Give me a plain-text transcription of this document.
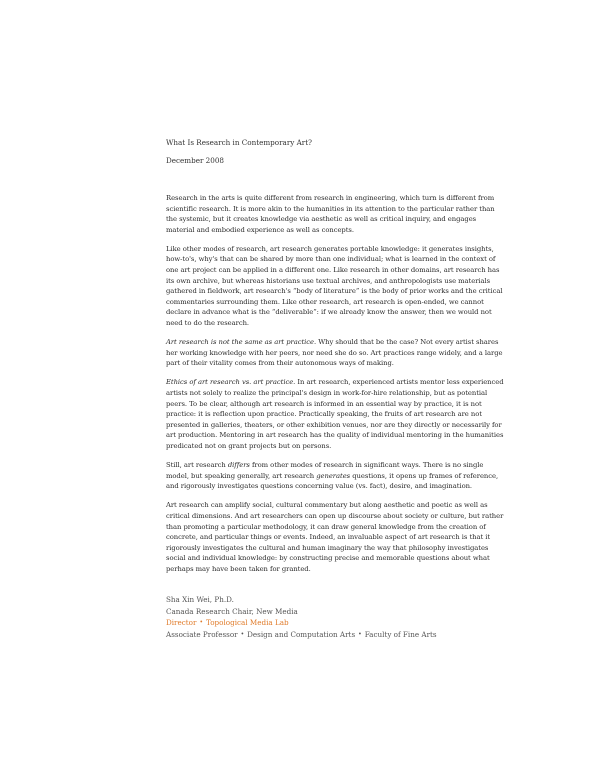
What Is Research in Contemporary Art?
December 2008

Research in the arts is quite different from research in engineering, which turn is different from scientific research. It is more akin to the humanities in its attention to the particular rather than the systemic, but it creates knowledge via aesthetic as well as critical inquiry, and engages material and embodied experience as well as concepts.

Like other modes of research, art research generates portable knowledge: it generates insights, how-to's, why's that can be shared by more than one individual; what is learned in the context of one art project can be applied in a different one. Like research in other domains, art research has its own archive, but whereas historians use textual archives, and anthropologists use materials gathered in fieldwork, art research's “body of literature” is the body of prior works and the critical commentaries surrounding them. Like other research, art research is open-ended, we cannot declare in advance what is the “deliverable”: if we already know the answer, then we would not need to do the research.

Art research is not the same as art practice. Why should that be the case? Not every artist shares her working knowledge with her peers, nor need she do so. Art practices range widely, and a large part of their vitality comes from their autonomous ways of making.

Ethics of art research vs. art practice. In art research, experienced artists mentor less experienced artists not solely to realize the principal's design in work-for-hire relationship, but as potential peers. To be clear, although art research is informed in an essential way by practice, it is not practice: it is reflection upon practice. Practically speaking, the fruits of art research are not presented in galleries, theaters, or other exhibition venues, nor are they directly or necessarily for art production. Mentoring in art research has the quality of individual mentoring in the humanities predicated not on grant projects but on persons.

Still, art research differs from other modes of research in significant ways. There is no single model, but speaking generally, art research generates questions, it opens up frames of reference, and rigorously investigates questions concerning value (vs. fact), desire, and imagination.

Art research can amplify social, cultural commentary but along aesthetic and poetic as well as critical dimensions. And art researchers can open up discourse about society or culture, but rather than promoting a particular methodology, it can draw general knowledge from the creation of concrete, and particular things or events. Indeed, an invaluable aspect of art research is that it rigorously investigates the cultural and human imaginary the way that philosophy investigates social and individual knowledge: by constructing precise and memorable questions about what perhaps may have been taken for granted.

Sha Xin Wei, Ph.D.
Canada Research Chair, New Media
Director • Topological Media Lab
Associate Professor • Design and Computation Arts • Faculty of Fine Arts
